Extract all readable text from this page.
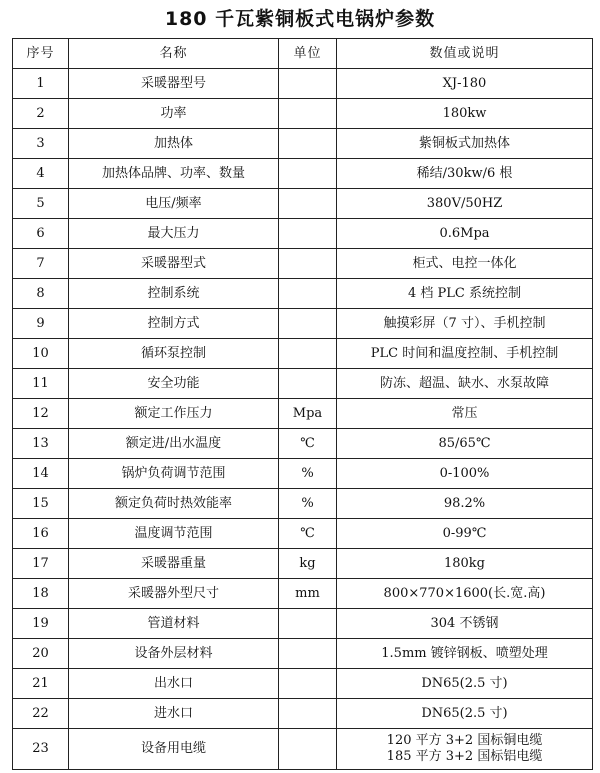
180 千瓦紫铜板式电锅炉参数
序号	名称	单位	数值或说明
1	采暖器型号		XJ-180
2	功率		180kw
3	加热体		紫铜板式加热体
4	加热体品牌、功率、数量		稀结/30kw/6 根
5	电压/频率		380V/50HZ
6	最大压力		0.6Mpa
7	采暖器型式		柜式、电控一体化
8	控制系统		4 档 PLC 系统控制
9	控制方式		触摸彩屏（7 寸）、手机控制
10	循环泵控制		PLC 时间和温度控制、手机控制
11	安全功能		防冻、超温、缺水、水泵故障
12	额定工作压力	Mpa	常压
13	额定进/出水温度	℃	85/65℃
14	锅炉负荷调节范围	%	0-100%
15	额定负荷时热效能率	%	98.2%
16	温度调节范围	℃	0-99℃
17	采暖器重量	kg	180kg
18	采暖器外型尺寸	mm	800×770×1600(长.宽.高)
19	管道材料		304 不锈钢
20	设备外层材料		1.5mm 镀锌钢板、喷塑处理
21	出水口		DN65(2.5 寸)
22	进水口		DN65(2.5 寸)
23	设备用电缆		120 平方 3+2 国标铜电缆
185 平方 3+2 国标铝电缆
